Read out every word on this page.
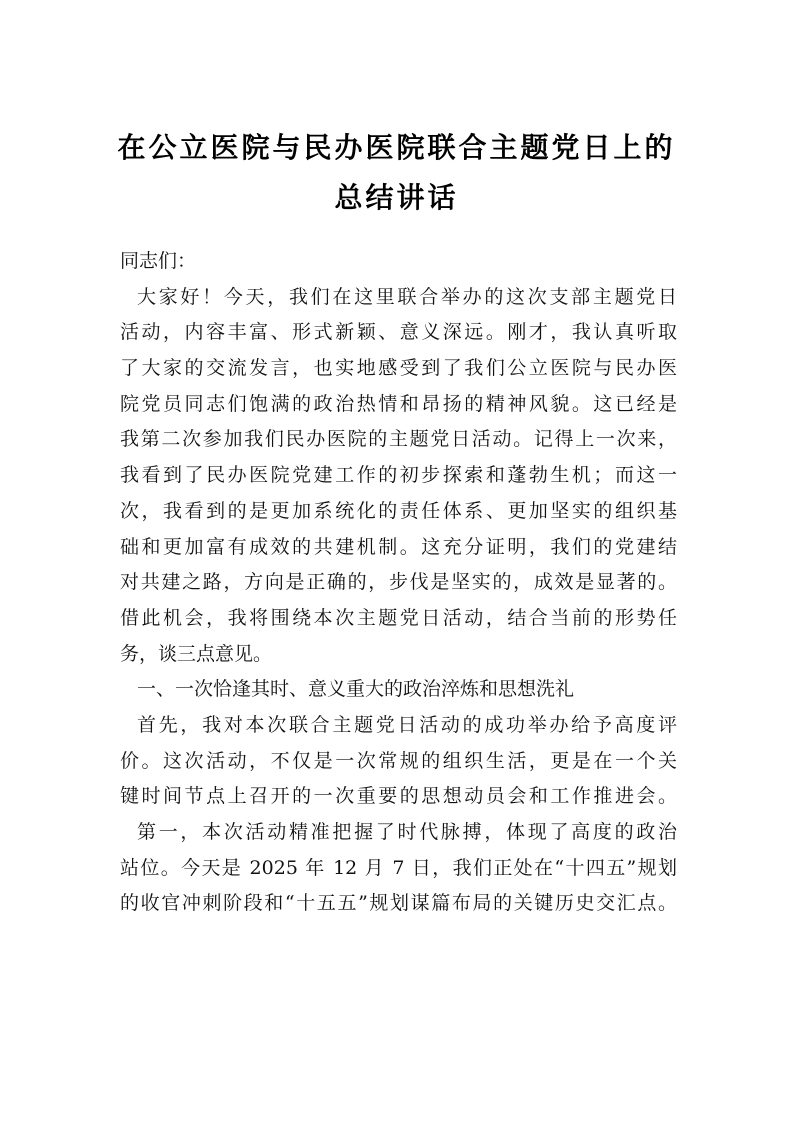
在公立医院与民办医院联合主题党日上的
总结讲话
同志们：
大家好！今天，我们在这里联合举办的这次支部主题党日
活动，内容丰富、形式新颖、意义深远。刚才，我认真听取
了大家的交流发言，也实地感受到了我们公立医院与民办医
院党员同志们饱满的政治热情和昂扬的精神风貌。这已经是
我第二次参加我们民办医院的主题党日活动。记得上一次来，
我看到了民办医院党建工作的初步探索和蓬勃生机；而这一
次，我看到的是更加系统化的责任体系、更加坚实的组织基
础和更加富有成效的共建机制。这充分证明，我们的党建结
对共建之路，方向是正确的，步伐是坚实的，成效是显著的。
借此机会，我将围绕本次主题党日活动，结合当前的形势任
务，谈三点意见。
一、一次恰逢其时、意义重大的政治淬炼和思想洗礼
首先，我对本次联合主题党日活动的成功举办给予高度评
价。这次活动，不仅是一次常规的组织生活，更是在一个关
键时间节点上召开的一次重要的思想动员会和工作推进会。
第一，本次活动精准把握了时代脉搏，体现了高度的政治
站位。今天是 2025 年 12 月 7 日，我们正处在“十四五”规划
的收官冲刺阶段和“十五五”规划谋篇布局的关键历史交汇点。
